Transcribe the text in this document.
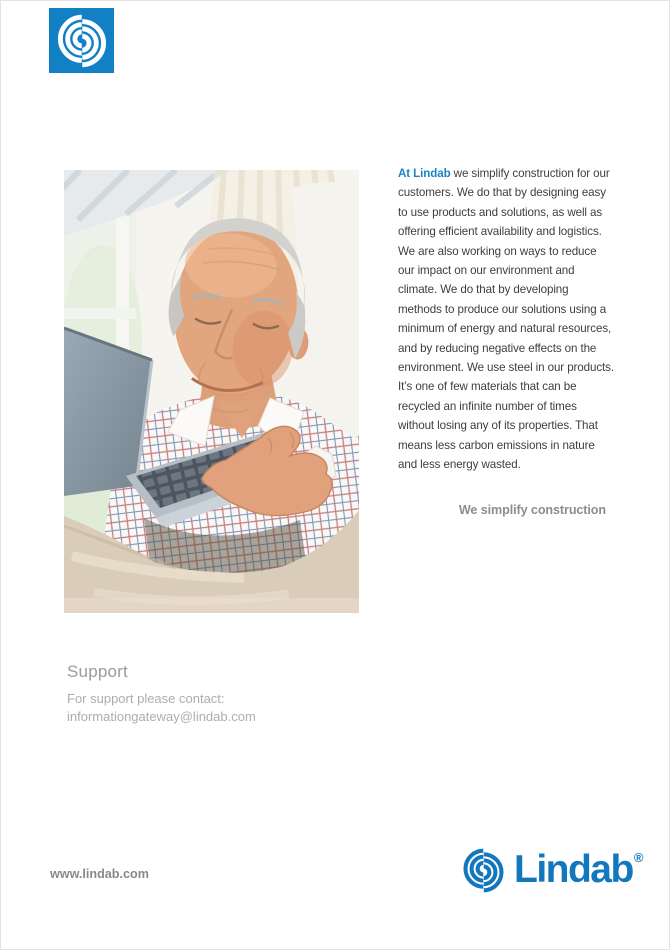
At Lindab we simplify construction for our customers. We do that by designing easy to use products and solutions, as well as offering efficient availability and logistics. We are also working on ways to reduce our impact on our environment and climate. We do that by developing methods to produce our solutions using a minimum of energy and natural resources, and by reducing negative effects on the environment. We use steel in our products. It’s one of few materials that can be recycled an infinite number of times without losing any of its properties. That means less carbon emissions in nature and less energy wasted.

We simplify construction
Support

For support please contact:

informationgateway@lindab.com
www.lindab.com	Lindab ®
